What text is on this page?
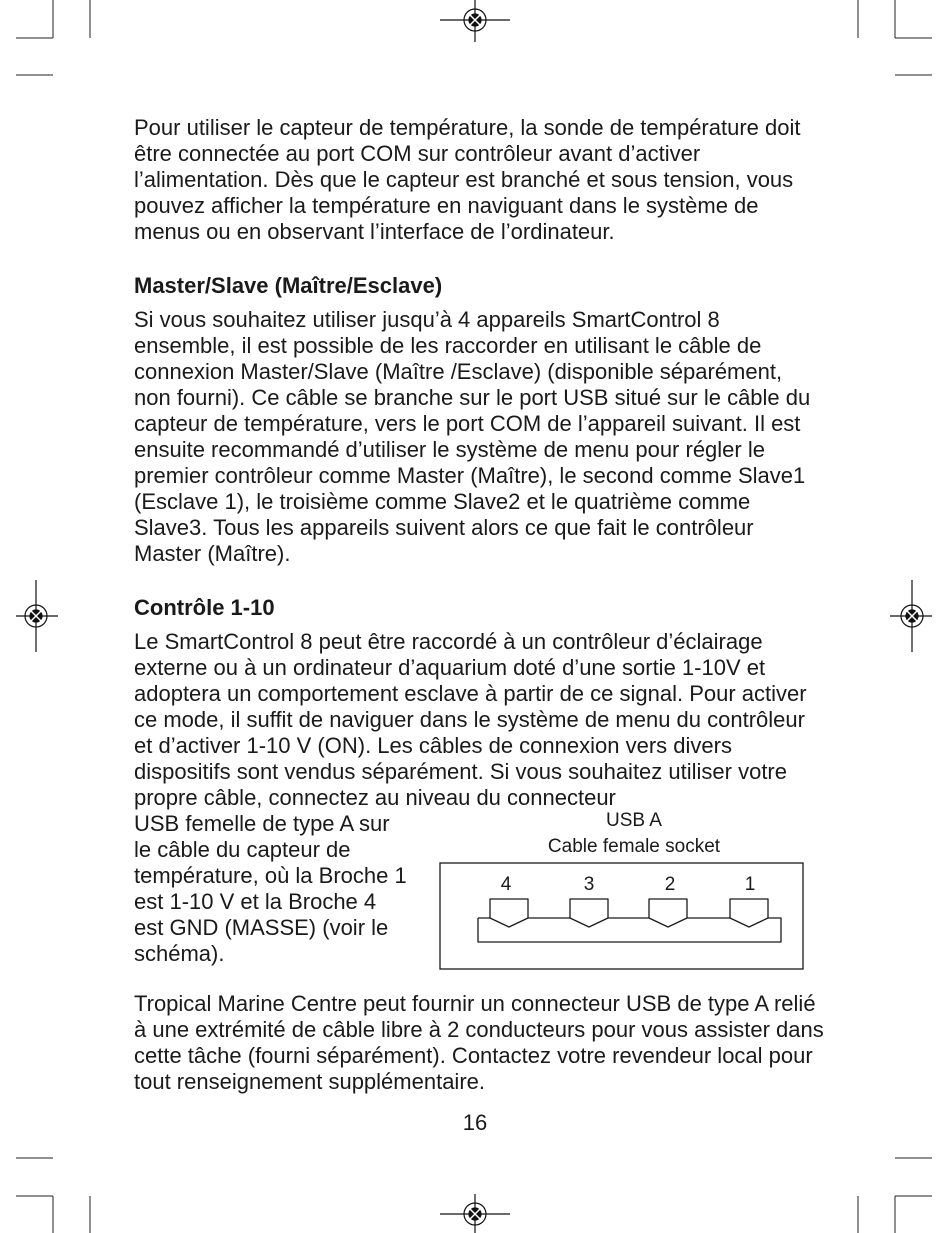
Pour utiliser le capteur de température, la sonde de température doit être connectée au port COM sur contrôleur avant d’activer l’alimentation. Dès que le capteur est branché et sous tension, vous pouvez afficher la température en naviguant dans le système de menus ou en observant l’interface de l’ordinateur.

Master/Slave (Maître/Esclave)

Si vous souhaitez utiliser jusqu’à 4 appareils SmartControl 8 ensemble, il est possible de les raccorder en utilisant le câble de connexion Master/Slave (Maître /Esclave) (disponible séparément, non fourni). Ce câble se branche sur le port USB situé sur le câble du capteur de température, vers le port COM de l’appareil suivant. Il est ensuite recommandé d’utiliser le système de menu pour régler le premier contrôleur comme Master (Maître), le second comme Slave1 (Esclave 1), le troisième comme Slave2 et le quatrième comme Slave3. Tous les appareils suivent alors ce que fait le contrôleur Master (Maître).

Contrôle 1-10

Le SmartControl 8 peut être raccordé à un contrôleur d’éclairage externe ou à un ordinateur d’aquarium doté d’une sortie 1-10V et adoptera un comportement esclave à partir de ce signal. Pour activer ce mode, il suffit de naviguer dans le système de menu du contrôleur et d’activer 1-10 V (ON). Les câbles de connexion vers divers dispositifs sont vendus séparément. Si vous souhaitez utiliser votre propre câble, connectez au niveau du connecteur

USB femelle de type A sur le câble du capteur de température, où la Broche 1 est 1-10 V et la Broche 4 est GND (MASSE) (voir le schéma).

USB A
Cable female socket
4	3	2	1

Tropical Marine Centre peut fournir un connecteur USB de type A relié à une extrémité de câble libre à 2 conducteurs pour vous assister dans cette tâche (fourni séparément). Contactez votre revendeur local pour tout renseignement supplémentaire.

16
